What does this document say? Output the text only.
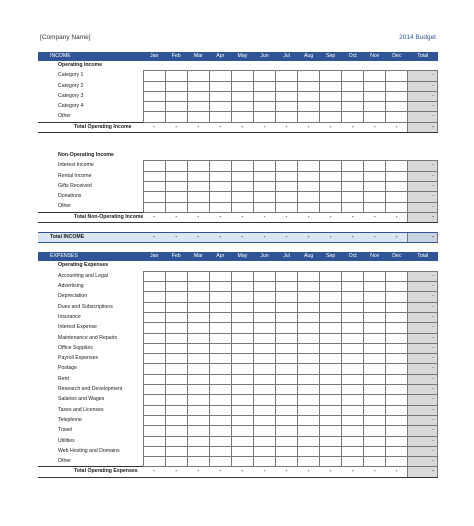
[Company Name]	2014 Budget
INCOME	Jan	Feb	Mar	Apr	May	Jun	Jul	Aug	Sep	Oct	Nov	Dec	Total
Operating Income													
Category 1													-
Category 2													-
Category 3													-
Category 4													-
Other													-
Total Operating Income	-	-	-	-	-	-	-	-	-	-	-	-	-

Non-Operating Income													
Interest Income													-
Rental Income													-
Gifts Received													-
Donations													-
Other													-
Total Non-Operating Income	-	-	-	-	-	-	-	-	-	-	-	-	-

Total INCOME	-	-	-	-	-	-	-	-	-	-	-	-	-

EXPENSES	Jan	Feb	Mar	Apr	May	Jun	Jul	Aug	Sep	Oct	Nov	Dec	Total
Operating Expenses													
Accounting and Legal													-
Advertising													-
Depreciation													-
Dues and Subscriptions													-
Insurance													-
Interest Expense													-
Maintenance and Repairs													-
Office Supplies													-
Payroll Expenses													-
Postage													-
Rent													-
Research and Development													-
Salaries and Wages													-
Taxes and Licenses													-
Telephone													-
Travel													-
Utilities													-
Web Hosting and Domains													-
Other													-
Total Operating Expenses	-	-	-	-	-	-	-	-	-	-	-	-	-
